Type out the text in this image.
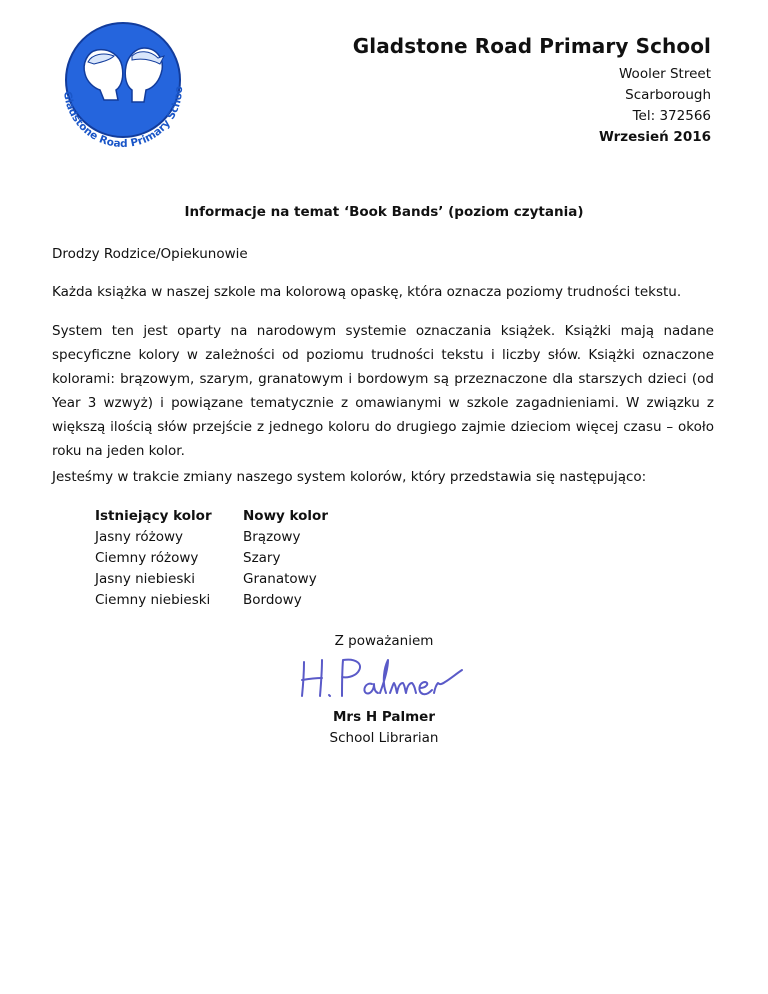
Gladstone Road Primary Schoo
Gladstone Road Primary School
Wooler Street
Scarborough
Tel: 372566
Wrzesień 2016
Informacje na temat ‘Book Bands’ (poziom czytania)

Drodzy Rodzice/Opiekunowie

Każda książka w naszej szkole ma kolorową opaskę, która oznacza poziomy trudności tekstu.

System ten jest oparty na narodowym systemie oznaczania książek. Książki mają nadane specyficzne kolory w zależności od poziomu trudności tekstu i liczby słów. Książki oznaczone kolorami: brązowym, szarym, granatowym i bordowym są przeznaczone dla starszych dzieci (od Year 3 wzwyż) i powiązane tematycznie z omawianymi w szkole zagadnieniami. W związku z większą ilością słów przejście z jednego koloru do drugiego zajmie dzieciom więcej czasu – około roku na jeden kolor.

Jesteśmy w trakcie zmiany naszego system kolorów, który przedstawia się następująco:

Istniejący kolor	Nowy kolor
Jasny różowy	Brązowy
Ciemny różowy	Szary
Jasny niebieski	Granatowy
Ciemny niebieski	Bordowy
Z poważaniem
Mrs H Palmer
School Librarian
